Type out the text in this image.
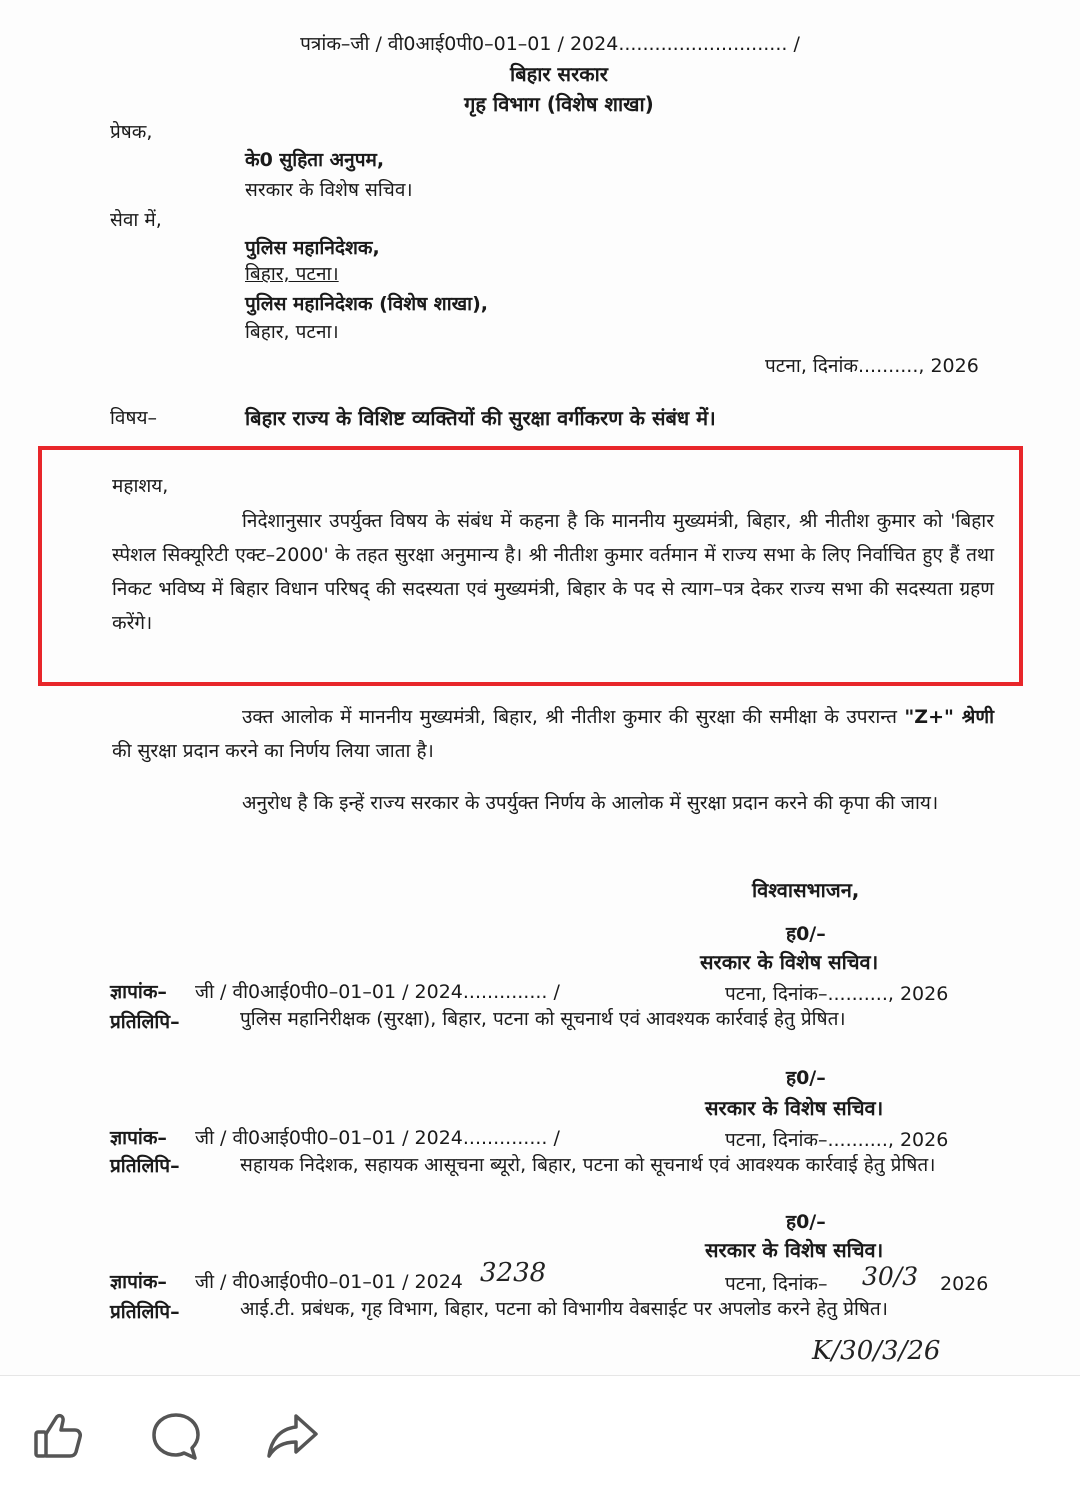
पत्रांक–जी / वी0आई0पी0–01–01 / 2024............................ /
बिहार सरकार
गृह विभाग (विशेष शाखा)
प्रेषक,
के0 सुहिता अनुपम,
सरकार के विशेष सचिव।
सेवा में,
पुलिस महानिदेशक,
बिहार, पटना।
पुलिस महानिदेशक (विशेष शाखा),
बिहार, पटना।
पटना, दिनांक.........., 2026
विषय–	बिहार राज्य के विशिष्ट व्यक्तियों की सुरक्षा वर्गीकरण के संबंध में।
महाशय,
निदेशानुसार उपर्युक्त विषय के संबंध में कहना है कि माननीय मुख्यमंत्री, बिहार, श्री नीतीश कुमार को 'बिहार स्पेशल सिक्यूरिटी एक्ट–2000' के तहत सुरक्षा अनुमान्य है। श्री नीतीश कुमार वर्तमान में राज्य सभा के लिए निर्वाचित हुए हैं तथा निकट भविष्य में बिहार विधान परिषद् की सदस्यता एवं मुख्यमंत्री, बिहार के पद से त्याग–पत्र देकर राज्य सभा की सदस्यता ग्रहण करेंगे।
उक्त आलोक में माननीय मुख्यमंत्री, बिहार, श्री नीतीश कुमार की सुरक्षा की समीक्षा के उपरान्त "Z+" श्रेणी की सुरक्षा प्रदान करने का निर्णय लिया जाता है।
अनुरोध है कि इन्हें राज्य सरकार के उपर्युक्त निर्णय के आलोक में सुरक्षा प्रदान करने की कृपा की जाय।
विश्वासभाजन,
ह0/–
सरकार के विशेष सचिव।
ज्ञापांक– जी / वी0आई0पी0–01–01 / 2024.............. /	पटना, दिनांक–.........., 2026
प्रतिलिपि–	पुलिस महानिरीक्षक (सुरक्षा), बिहार, पटना को सूचनार्थ एवं आवश्यक कार्रवाई हेतु प्रेषित।
ह0/–
सरकार के विशेष सचिव।
ज्ञापांक– जी / वी0आई0पी0–01–01 / 2024.............. /	पटना, दिनांक–.........., 2026
प्रतिलिपि–	सहायक निदेशक, सहायक आसूचना ब्यूरो, बिहार, पटना को सूचनार्थ एवं आवश्यक कार्रवाई हेतु प्रेषित।
ह0/–
सरकार के विशेष सचिव।
ज्ञापांक– जी / वी0आई0पी0–01–01 / 2024 3238	पटना, दिनांक– 30/3 2026
प्रतिलिपि–	आई.टी. प्रबंधक, गृह विभाग, बिहार, पटना को विभागीय वेबसाईट पर अपलोड करने हेतु प्रेषित।
K/30/3/26
